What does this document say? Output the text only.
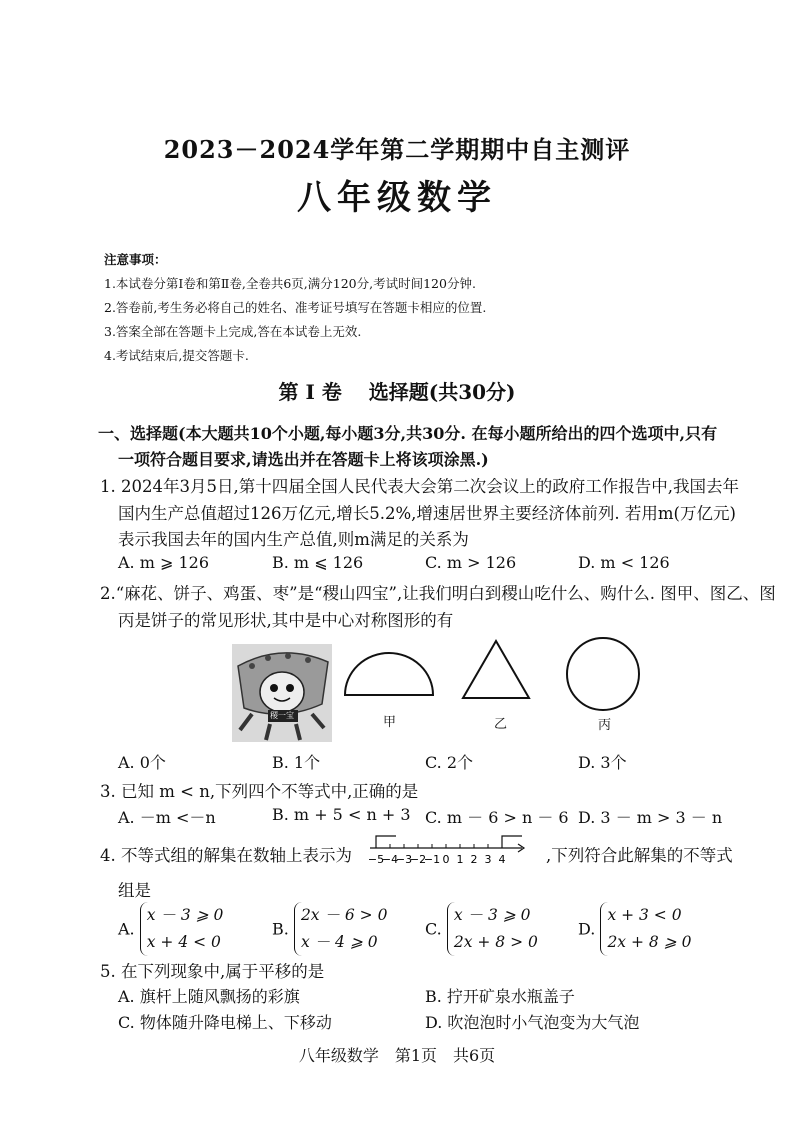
2023－2024学年第二学期期中自主测评
八年级数学
注意事项：
1.本试卷分第Ⅰ卷和第Ⅱ卷,全卷共6页,满分120分,考试时间120分钟.
2.答卷前,考生务必将自己的姓名、准考证号填写在答题卡相应的位置.
3.答案全部在答题卡上完成,答在本试卷上无效.
4.考试结束后,提交答题卡.
第 Ⅰ 卷　 选择题(共30分)
一、选择题(本大题共10个小题,每小题3分,共30分. 在每小题所给出的四个选项中,只有
一项符合题目要求,请选出并在答题卡上将该项涂黑.)
1. 2024年3月5日,第十四届全国人民代表大会第二次会议上的政府工作报告中,我国去年
国内生产总值超过126万亿元,增长5.2%,增速居世界主要经济体前列. 若用m(万亿元)
表示我国去年的国内生产总值,则m满足的关系为
A. m ⩾ 126	B. m ⩽ 126	C. m > 126	D. m < 126
2.“麻花、饼子、鸡蛋、枣”是“稷山四宝”,让我们明白到稷山吃什么、购什么. 图甲、图乙、图
丙是饼子的常见形状,其中是中心对称图形的有
稷一宝	甲	乙	丙
A. 0个	B. 1个	C. 2个	D. 3个
3. 已知 m < n,下列四个不等式中,正确的是
A. －m <－n	B. m + 5 < n + 3 C. m － 6 > n － 6 D. 3 － m > 3 － n
4. 不等式组的解集在数轴上表示为 −5
−4
−3
−2
−1 0 1 2 3 4 ,下列符合此解集的不等式
组是
A. x － 3 ⩾ 0
x + 4 < 0
B. 2x － 6 > 0
x － 4 ⩾ 0
C. x － 3 ⩾ 0
2x + 8 > 0
D. x + 3 < 0
2x + 8 ⩾ 0
5. 在下列现象中,属于平移的是
A. 旗杆上随风飘扬的彩旗	B. 拧开矿泉水瓶盖子
C. 物体随升降电梯上、下移动	D. 吹泡泡时小气泡变为大气泡
八年级数学　第1页　共6页
